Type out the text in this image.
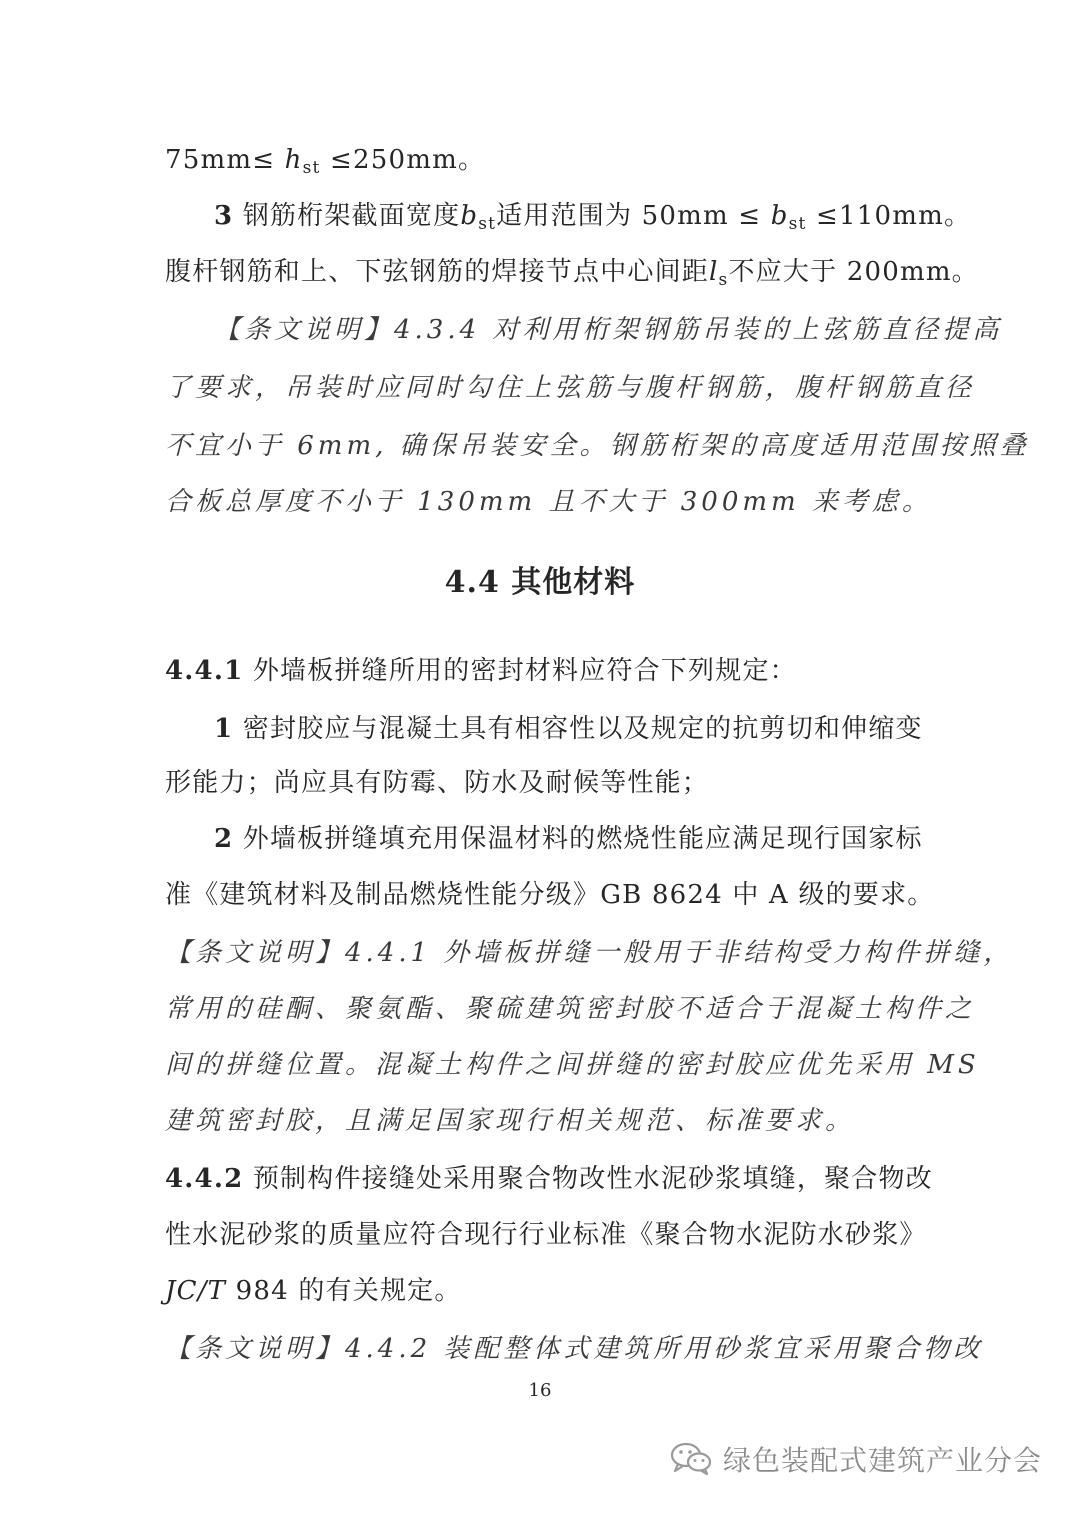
$75mm\le h_{st} \le 250mm$。
3 钢筋桁架截面宽度$b_{st}$适用范围为 $50mm \le b_{st} \le 110mm$。
腹杆钢筋和上、下弦钢筋的焊接节点中心间距$l_s$不应大于 200mm。
【条文说明】4.3.4 对利用桁架钢筋吊装的上弦筋直径提高
了要求，吊装时应同时勾住上弦筋与腹杆钢筋，腹杆钢筋直径
不宜小于 6mm, 确保吊装安全。钢筋桁架的高度适用范围按照叠
合板总厚度不小于 130mm 且不大于 300mm 来考虑。
4.4 其他材料
4.4.1 外墙板拼缝所用的密封材料应符合下列规定：
1 密封胶应与混凝土具有相容性以及规定的抗剪切和伸缩变
形能力；尚应具有防霉、防水及耐候等性能；
2 外墙板拼缝填充用保温材料的燃烧性能应满足现行国家标
准《建筑材料及制品燃烧性能分级》GB 8624 中 A 级的要求。
【条文说明】4.4.1 外墙板拼缝一般用于非结构受力构件拼缝，
常用的硅酮、聚氨酯、聚硫建筑密封胶不适合于混凝土构件之
间的拼缝位置。混凝土构件之间拼缝的密封胶应优先采用 MS
建筑密封胶，且满足国家现行相关规范、标准要求。
4.4.2 预制构件接缝处采用聚合物改性水泥砂浆填缝，聚合物改
性水泥砂浆的质量应符合现行行业标准《聚合物水泥防水砂浆》
JC/T 984 的有关规定。
【条文说明】4.4.2 装配整体式建筑所用砂浆宜采用聚合物改
16
绿色装配式建筑产业分会
